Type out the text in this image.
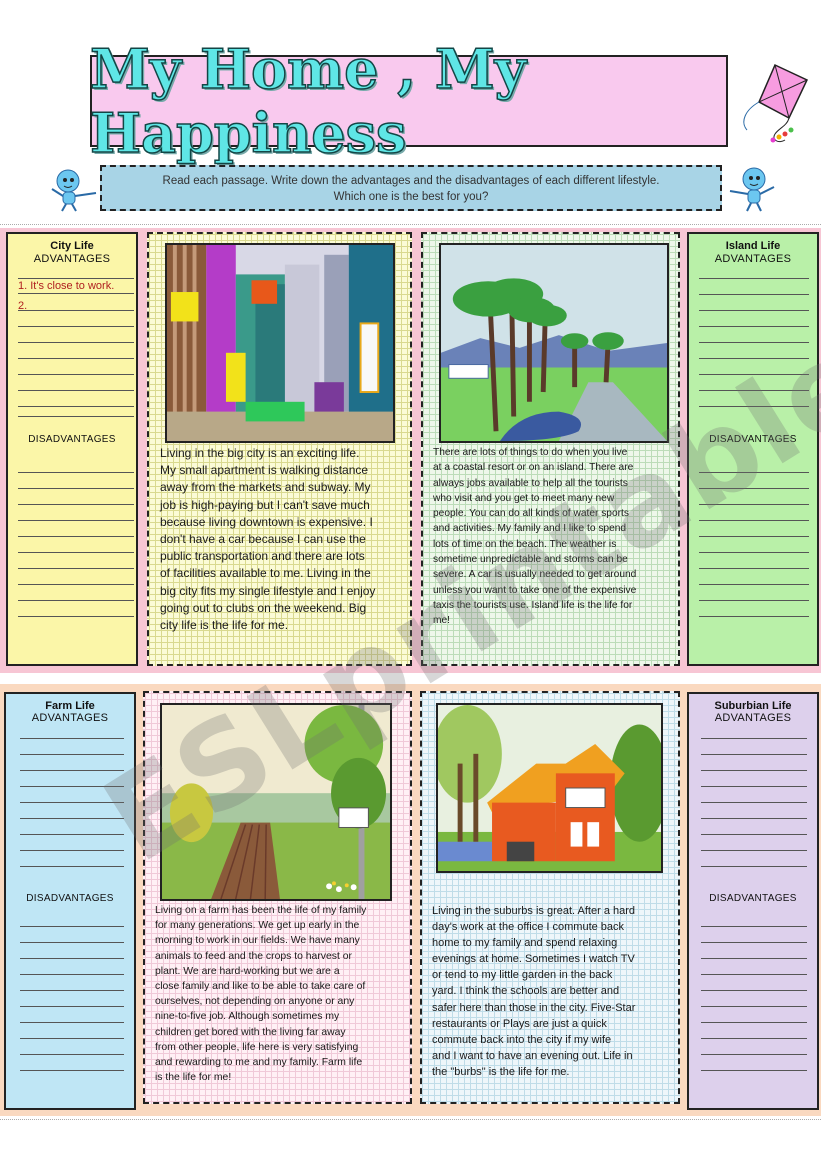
My Home , My Happiness
Read each passage. Write down the advantages and the disadvantages of each different lifestyle.
Which one is the best for you?
City Life
ADVANTAGES
1. It's close to work.
2.
DISADVANTAGES
Living in the big city is an exciting life.
My small apartment is walking distance
away from the markets and subway. My
job is high-paying but I can't save much
because living downtown is expensive. I
don't have a car because I can use the
public transportation and there are lots
of facilities available to me. Living in the
big city fits my single lifestyle and I enjoy
going out to clubs on the weekend. Big
city life is the life for me.
There are lots of things to do when you live
at a coastal resort or on an island. There are
always jobs available to help all the tourists
who visit and you get to meet many new
people. You can do all kinds of water sports
and activities. My family and I like to spend
lots of time on the beach. The weather is
sometime unpredictable and storms can be
severe. A car is usually needed to get around
unless you want to take one of the expensive
taxis the tourists use. Island life is the life for
me!
Island Life
ADVANTAGES
DISADVANTAGES
Farm Life
ADVANTAGES
DISADVANTAGES
Living on a farm has been the life of my family
for many generations. We get up early in the
morning to work in our fields. We have many
animals to feed and the crops to harvest or
plant. We are hard-working but we are a
close family and like to be able to take care of
ourselves, not depending on anyone or any
nine-to-five job. Although sometimes my
children get bored with the living far away
from other people, life here is very satisfying
and rewarding to me and my family. Farm life
is the life for me!
Living in the suburbs is great. After a hard
day's work at the office I commute back
home to my family and spend relaxing
evenings at home. Sometimes I watch TV
or tend to my little garden in the back
yard. I think the schools are better and
safer here than those in the city. Five-Star
restaurants or Plays are just a quick
commute back into the city if my wife
and I want to have an evening out. Life in
the "burbs" is the life for me.
Suburbian Life
ADVANTAGES
DISADVANTAGES
